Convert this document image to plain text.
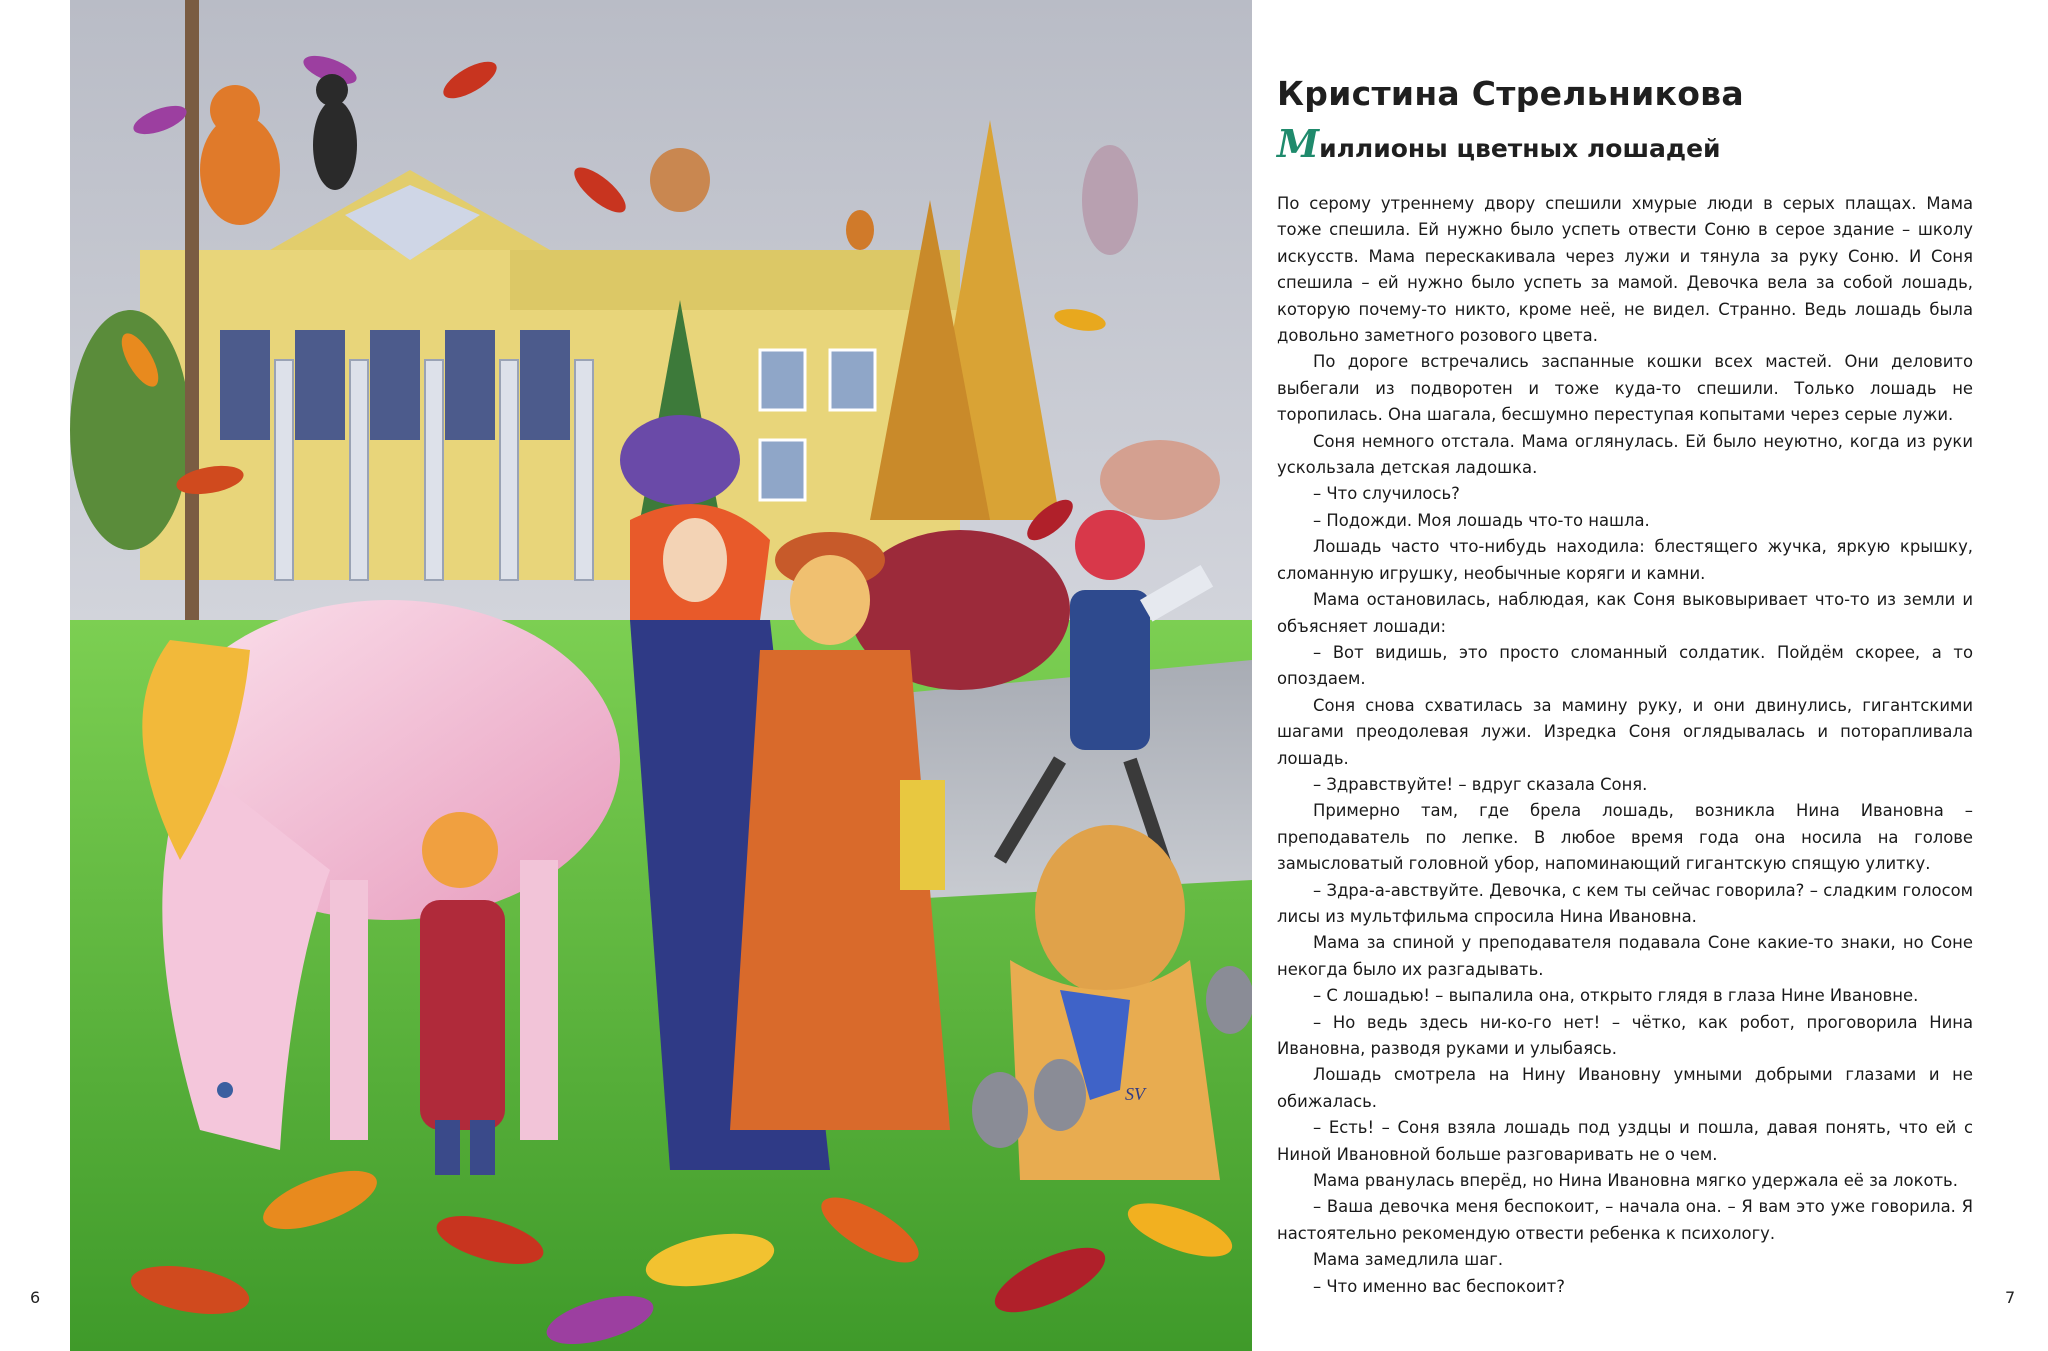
SV
6	7
Кристина Стрельникова
М иллионы цветных лошадей

По серому утреннему двору спешили хмурые люди в серых плащах. Мама тоже спешила. Ей нужно было успеть отвести Соню в серое здание – школу искусств. Мама перескакивала через лужи и тянула за руку Соню. И Соня спешила – ей нужно было успеть за мамой. Девочка вела за собой лошадь, которую почему-то никто, кроме неё, не видел. Странно. Ведь лошадь была довольно заметного розового цвета.

По дороге встречались заспанные кошки всех мастей. Они деловито выбегали из подворотен и тоже куда-то спешили. Только лошадь не торопилась. Она шагала, бесшумно переступая копытами через серые лужи.

Соня немного отстала. Мама оглянулась. Ей было неуютно, когда из руки ускользала детская ладошка.

– Что случилось?

– Подожди. Моя лошадь что-то нашла.

Лошадь часто что-нибудь находила: блестящего жучка, яркую крышку, сломанную игрушку, необычные коряги и камни.

Мама остановилась, наблюдая, как Соня выковыривает что-то из земли и объясняет лошади:

– Вот видишь, это просто сломанный солдатик. Пойдём скорее, а то опоздаем.

Соня снова схватилась за мамину руку, и они двинулись, гигантскими шагами преодолевая лужи. Изредка Соня оглядывалась и поторапливала лошадь.

– Здравствуйте! – вдруг сказала Соня.

Примерно там, где брела лошадь, возникла Нина Ивановна – преподаватель по лепке. В любое время года она носила на голове замысловатый головной убор, напоминающий гигантскую спящую улитку.

– Здра-а-авствуйте. Девочка, с кем ты сейчас говорила? – сладким голосом лисы из мультфильма спросила Нина Ивановна.

Мама за спиной у преподавателя подавала Соне какие-то знаки, но Соне некогда было их разгадывать.

– С лошадью! – выпалила она, открыто глядя в глаза Нине Ивановне.

– Но ведь здесь ни-ко-го нет! – чётко, как робот, проговорила Нина Ивановна, разводя руками и улыбаясь.

Лошадь смотрела на Нину Ивановну умными добрыми глазами и не обижалась.

– Есть! – Соня взяла лошадь под уздцы и пошла, давая понять, что ей с Ниной Ивановной больше разговаривать не о чем.

Мама рванулась вперёд, но Нина Ивановна мягко удержала её за локоть.

– Ваша девочка меня беспокоит, – начала она. – Я вам это уже говорила. Я настоятельно рекомендую отвести ребенка к психологу.

Мама замедлила шаг.

– Что именно вас беспокоит?
